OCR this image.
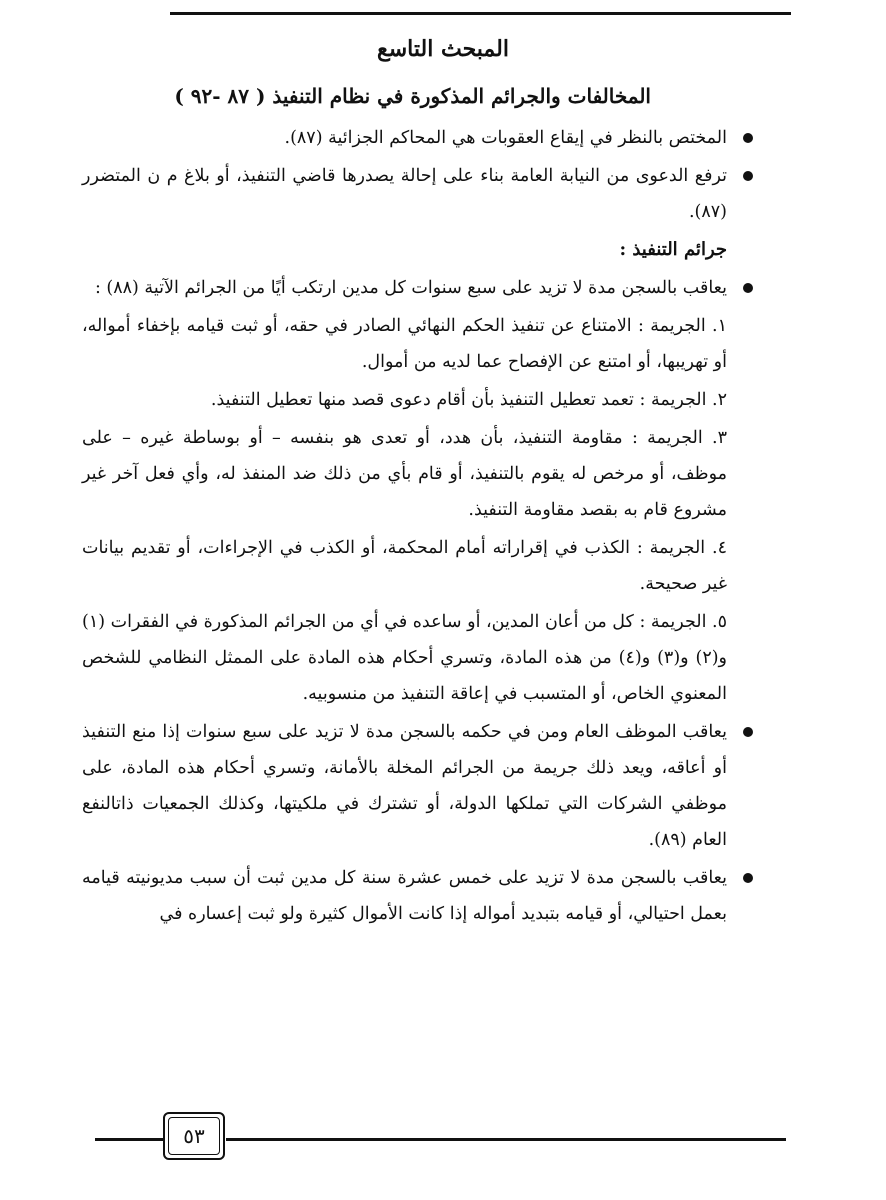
المبحث التاسع
المخالفات والجرائم المذكورة في نظام التنفيذ ( ٨٧ -٩٢ )

المختص بالنظر في إيقاع العقوبات هي المحاكم الجزائية (٨٧).

ترفع الدعوى من النيابة العامة بناء على إحالة يصدرها قاضي التنفيذ، أو بلاغ م ن المتضرر (٨٧).

جرائم التنفيذ :

يعاقب بالسجن مدة لا تزيد على سبع سنوات كل مدين ارتكب أيًا من الجرائم الآتية (٨٨) :

١. الجريمة : الامتناع عن تنفيذ الحكم النهائي الصادر في حقه، أو ثبت قيامه بإخفاء أمواله، أو تهريبها، أو امتنع عن الإفصاح عما لديه من أموال.

٢. الجريمة : تعمد تعطيل التنفيذ بأن أقام دعوى قصد منها تعطيل التنفيذ.

٣. الجريمة : مقاومة التنفيذ، بأن هدد، أو تعدى هو بنفسه – أو بوساطة غيره – على موظف، أو مرخص له يقوم بالتنفيذ، أو قام بأي من ذلك ضد المنفذ له، وأي فعل آخر غير مشروع قام به بقصد مقاومة التنفيذ.

٤. الجريمة : الكذب في إقراراته أمام المحكمة، أو الكذب في الإجراءات، أو تقديم بيانات غير صحيحة.

٥. الجريمة : كل من أعان المدين، أو ساعده في أي من الجرائم المذكورة في الفقرات (١) و(٢) و(٣) و(٤) من هذه المادة، وتسري أحكام هذه المادة على الممثل النظامي للشخص المعنوي الخاص، أو المتسبب في إعاقة التنفيذ من منسوبيه.

يعاقب الموظف العام ومن في حكمه بالسجن مدة لا تزيد على سبع سنوات إذا منع التنفيذ أو أعاقه، ويعد ذلك جريمة من الجرائم المخلة بالأمانة، وتسري أحكام هذه المادة، على موظفي الشركات التي تملكها الدولة، أو تشترك في ملكيتها، وكذلك الجمعيات ذاتالنفع العام (٨٩).

يعاقب بالسجن مدة لا تزيد على خمس عشرة سنة كل مدين ثبت أن سبب مديونيته قيامه بعمل احتيالي، أو قيامه بتبديد أمواله إذا كانت الأموال كثيرة ولو ثبت إعساره في

٥٣
